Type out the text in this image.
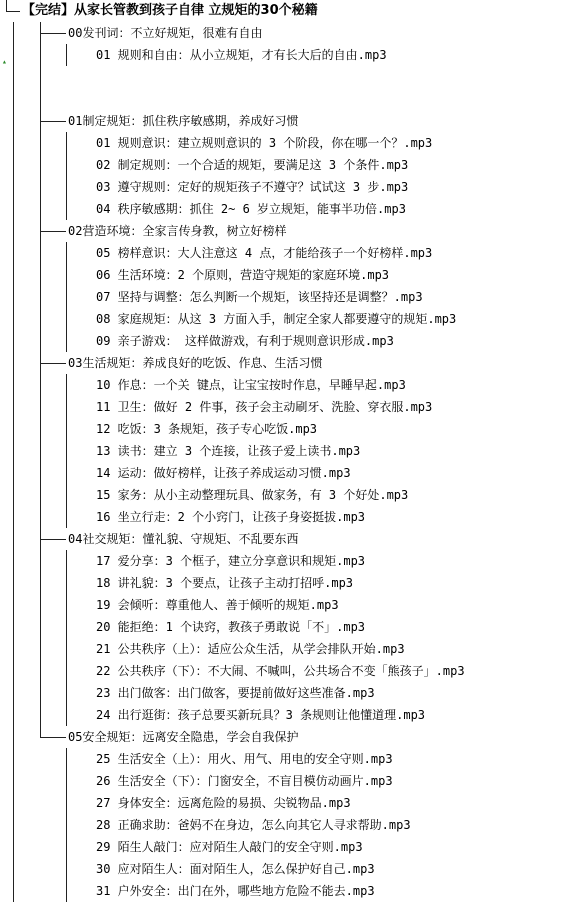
【完结】从家长管教到孩子自律 立规矩的30个秘籍
00发刊词：不立好规矩，很难有自由
01 规则和自由：从小立规矩，才有长大后的自由.mp3
01制定规矩：抓住秩序敏感期，养成好习惯
01 规则意识：建立规则意识的 3 个阶段，你在哪一个？.mp3
02 制定规则：一个合适的规矩，要满足这 3 个条件.mp3
03 遵守规则：定好的规矩孩子不遵守？试试这 3 步.mp3
04 秩序敏感期：抓住 2~ 6 岁立规矩，能事半功倍.mp3
02营造环境：全家言传身教，树立好榜样
05 榜样意识：大人注意这 4 点，才能给孩子一个好榜样.mp3
06 生活环境：2 个原则，营造守规矩的家庭环境.mp3
07 坚持与调整：怎么判断一个规矩，该坚持还是调整？.mp3
08 家庭规矩：从这 3 方面入手，制定全家人都要遵守的规矩.mp3
09 亲子游戏： 这样做游戏，有利于规则意识形成.mp3
03生活规矩：养成良好的吃饭、作息、生活习惯
10 作息：一个关 键点，让宝宝按时作息，早睡早起.mp3
11 卫生：做好 2 件事，孩子会主动刷牙、洗脸、穿衣服.mp3
12 吃饭：3 条规矩，孩子专心吃饭.mp3
13 读书：建立 3 个连接，让孩子爱上读书.mp3
14 运动：做好榜样，让孩子养成运动习惯.mp3
15 家务：从小主动整理玩具、做家务，有 3 个好处.mp3
16 坐立行走：2 个小窍门，让孩子身姿挺拔.mp3
04社交规矩：懂礼貌、守规矩、不乱要东西
17 爱分享：3 个框子，建立分享意识和规矩.mp3
18 讲礼貌：3 个要点，让孩子主动打招呼.mp3
19 会倾听：尊重他人、善于倾听的规矩.mp3
20 能拒绝：1 个诀窍，教孩子勇敢说「不」.mp3
21 公共秩序（上）：适应公众生活，从学会排队开始.mp3
22 公共秩序（下）：不大闹、不喊叫，公共场合不变「熊孩子」.mp3
23 出门做客：出门做客，要提前做好这些准备.mp3
24 出行逛街：孩子总要买新玩具？3 条规则让他懂道理.mp3
05安全规矩：远离安全隐患，学会自我保护
25 生活安全（上）：用火、用气、用电的安全守则.mp3
26 生活安全（下）：门窗安全，不盲目模仿动画片.mp3
27 身体安全：远离危险的易损、尖锐物品.mp3
28 正确求助：爸妈不在身边，怎么向其它人寻求帮助.mp3
29 陌生人敲门：应对陌生人敲门的安全守则.mp3
30 应对陌生人：面对陌生人，怎么保护好自己.mp3
31 户外安全：出门在外，哪些地方危险不能去.mp3
▴
